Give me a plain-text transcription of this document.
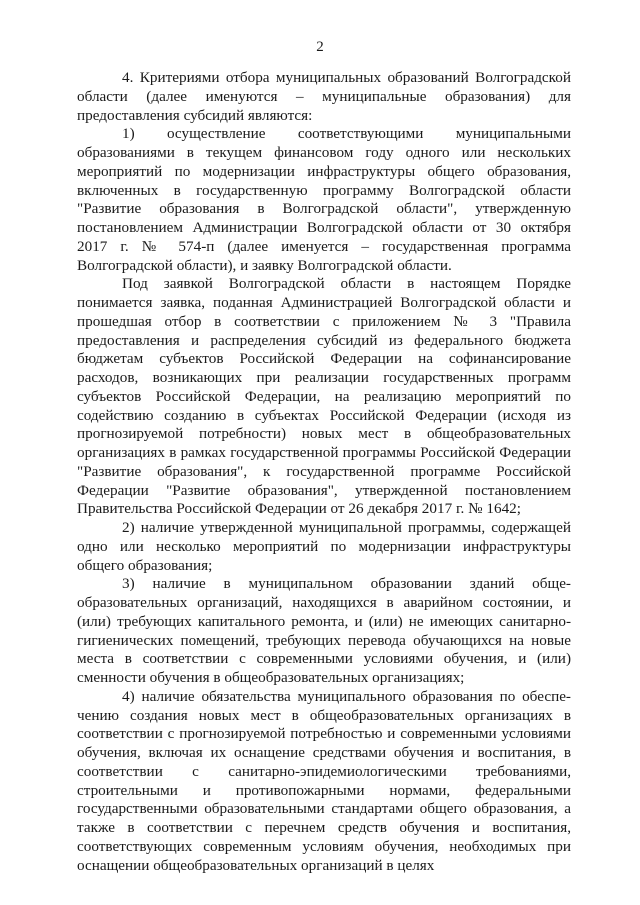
2

4. Критериями отбора муниципальных образований Волгоградской области (далее именуются – муниципальные образования) для предоставления субсидий являются:

1) осуществление соответствующими муниципальными образованиями в текущем финансовом году одного или нескольких мероприятий по модернизации инфраструктуры общего образования, включенных в государственную программу Волгоградской области "Развитие образования в Волгоградской области", утвержденную постановлением Администрации Волгоградской области от 30 октября 2017 г. № 574-п (далее именуется – государственная программа Волгоградской области), и заявку Волгоградской области.

Под заявкой Волгоградской области в настоящем Порядке понимается заявка, поданная Администрацией Волгоградской области и прошедшая отбор в соответствии с приложением № 3 "Правила предоставления и распределения субсидий из федерального бюджета бюджетам субъектов Российской Федерации на софинансирование расходов, возникающих при реализации государственных программ субъектов Российской Федерации, на реализацию мероприятий по содействию созданию в субъектах Российской Федерации (исходя из прогнозируемой потребности) новых мест в общеобразовательных организациях в рамках государственной программы Российской Федерации "Развитие образования", к государственной программе Российской Федерации "Развитие образования", утвержденной постановлением Правительства Российской Федерации от 26 декабря 2017 г. № 1642;

2) наличие утвержденной муниципальной программы, содержащей одно или несколько мероприятий по модернизации инфраструктуры общего образования;

3) наличие в муниципальном образовании зданий обще-образовательных организаций, находящихся в аварийном состоянии, и (или) требующих капитального ремонта, и (или) не имеющих санитарно-гигиенических помещений, требующих перевода обучающихся на новые места в соответствии с современными условиями обучения, и (или) сменности обучения в общеобразовательных организациях;

4) наличие обязательства муниципального образования по обеспе-чению создания новых мест в общеобразовательных организациях в соответствии с прогнозируемой потребностью и современными условиями обучения, включая их оснащение средствами обучения и воспитания, в соответствии с санитарно-эпидемиологическими требованиями, строительными и противопожарными нормами, федеральными государственными образовательными стандартами общего образования, а также в соответствии с перечнем средств обучения и воспитания, соответствующих современным условиям обучения, необходимых при оснащении общеобразовательных организаций в целях
